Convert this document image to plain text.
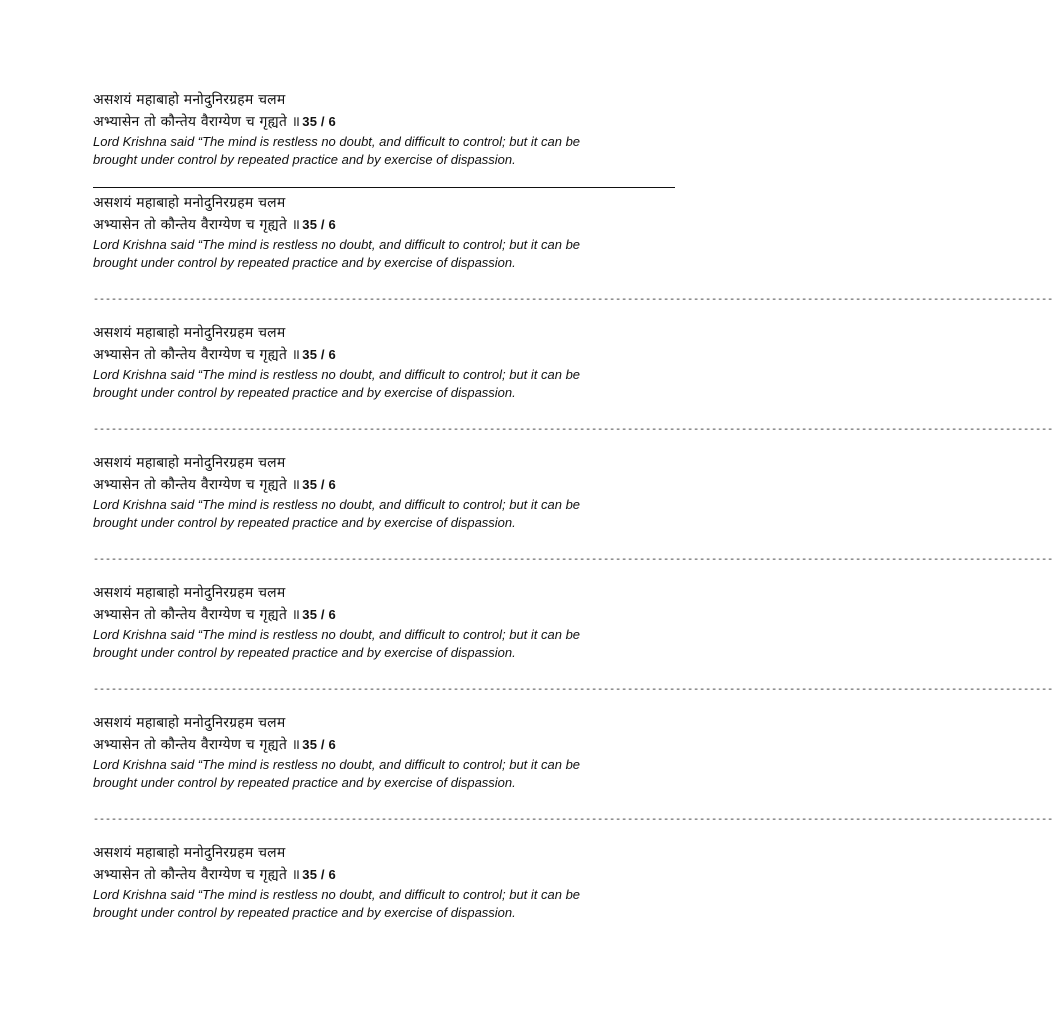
असशयं महाबाहो मनोदुनिरग्रहम चलम
अभ्यासेन तो कौन्तेय वैराग्येण च गृह्यते ॥ 35 / 6
Lord Krishna said “The mind is restless no doubt, and difficult to control; but it can be
brought under control by repeated practice and by exercise of dispassion.
असशयं महाबाहो मनोदुनिरग्रहम चलम
अभ्यासेन तो कौन्तेय वैराग्येण च गृह्यते ॥ 35 / 6
Lord Krishna said “The mind is restless no doubt, and difficult to control; but it can be
brought under control by repeated practice and by exercise of dispassion.
----------------------------------------------------------------------------------------------------------------------------------------------------------------
असशयं महाबाहो मनोदुनिरग्रहम चलम
अभ्यासेन तो कौन्तेय वैराग्येण च गृह्यते ॥ 35 / 6
Lord Krishna said “The mind is restless no doubt, and difficult to control; but it can be
brought under control by repeated practice and by exercise of dispassion.
----------------------------------------------------------------------------------------------------------------------------------------------------------------
असशयं महाबाहो मनोदुनिरग्रहम चलम
अभ्यासेन तो कौन्तेय वैराग्येण च गृह्यते ॥ 35 / 6
Lord Krishna said “The mind is restless no doubt, and difficult to control; but it can be
brought under control by repeated practice and by exercise of dispassion.
----------------------------------------------------------------------------------------------------------------------------------------------------------------
असशयं महाबाहो मनोदुनिरग्रहम चलम
अभ्यासेन तो कौन्तेय वैराग्येण च गृह्यते ॥ 35 / 6
Lord Krishna said “The mind is restless no doubt, and difficult to control; but it can be
brought under control by repeated practice and by exercise of dispassion.
----------------------------------------------------------------------------------------------------------------------------------------------------------------
असशयं महाबाहो मनोदुनिरग्रहम चलम
अभ्यासेन तो कौन्तेय वैराग्येण च गृह्यते ॥ 35 / 6
Lord Krishna said “The mind is restless no doubt, and difficult to control; but it can be
brought under control by repeated practice and by exercise of dispassion.
----------------------------------------------------------------------------------------------------------------------------------------------------------------
असशयं महाबाहो मनोदुनिरग्रहम चलम
अभ्यासेन तो कौन्तेय वैराग्येण च गृह्यते ॥ 35 / 6
Lord Krishna said “The mind is restless no doubt, and difficult to control; but it can be
brought under control by repeated practice and by exercise of dispassion.
